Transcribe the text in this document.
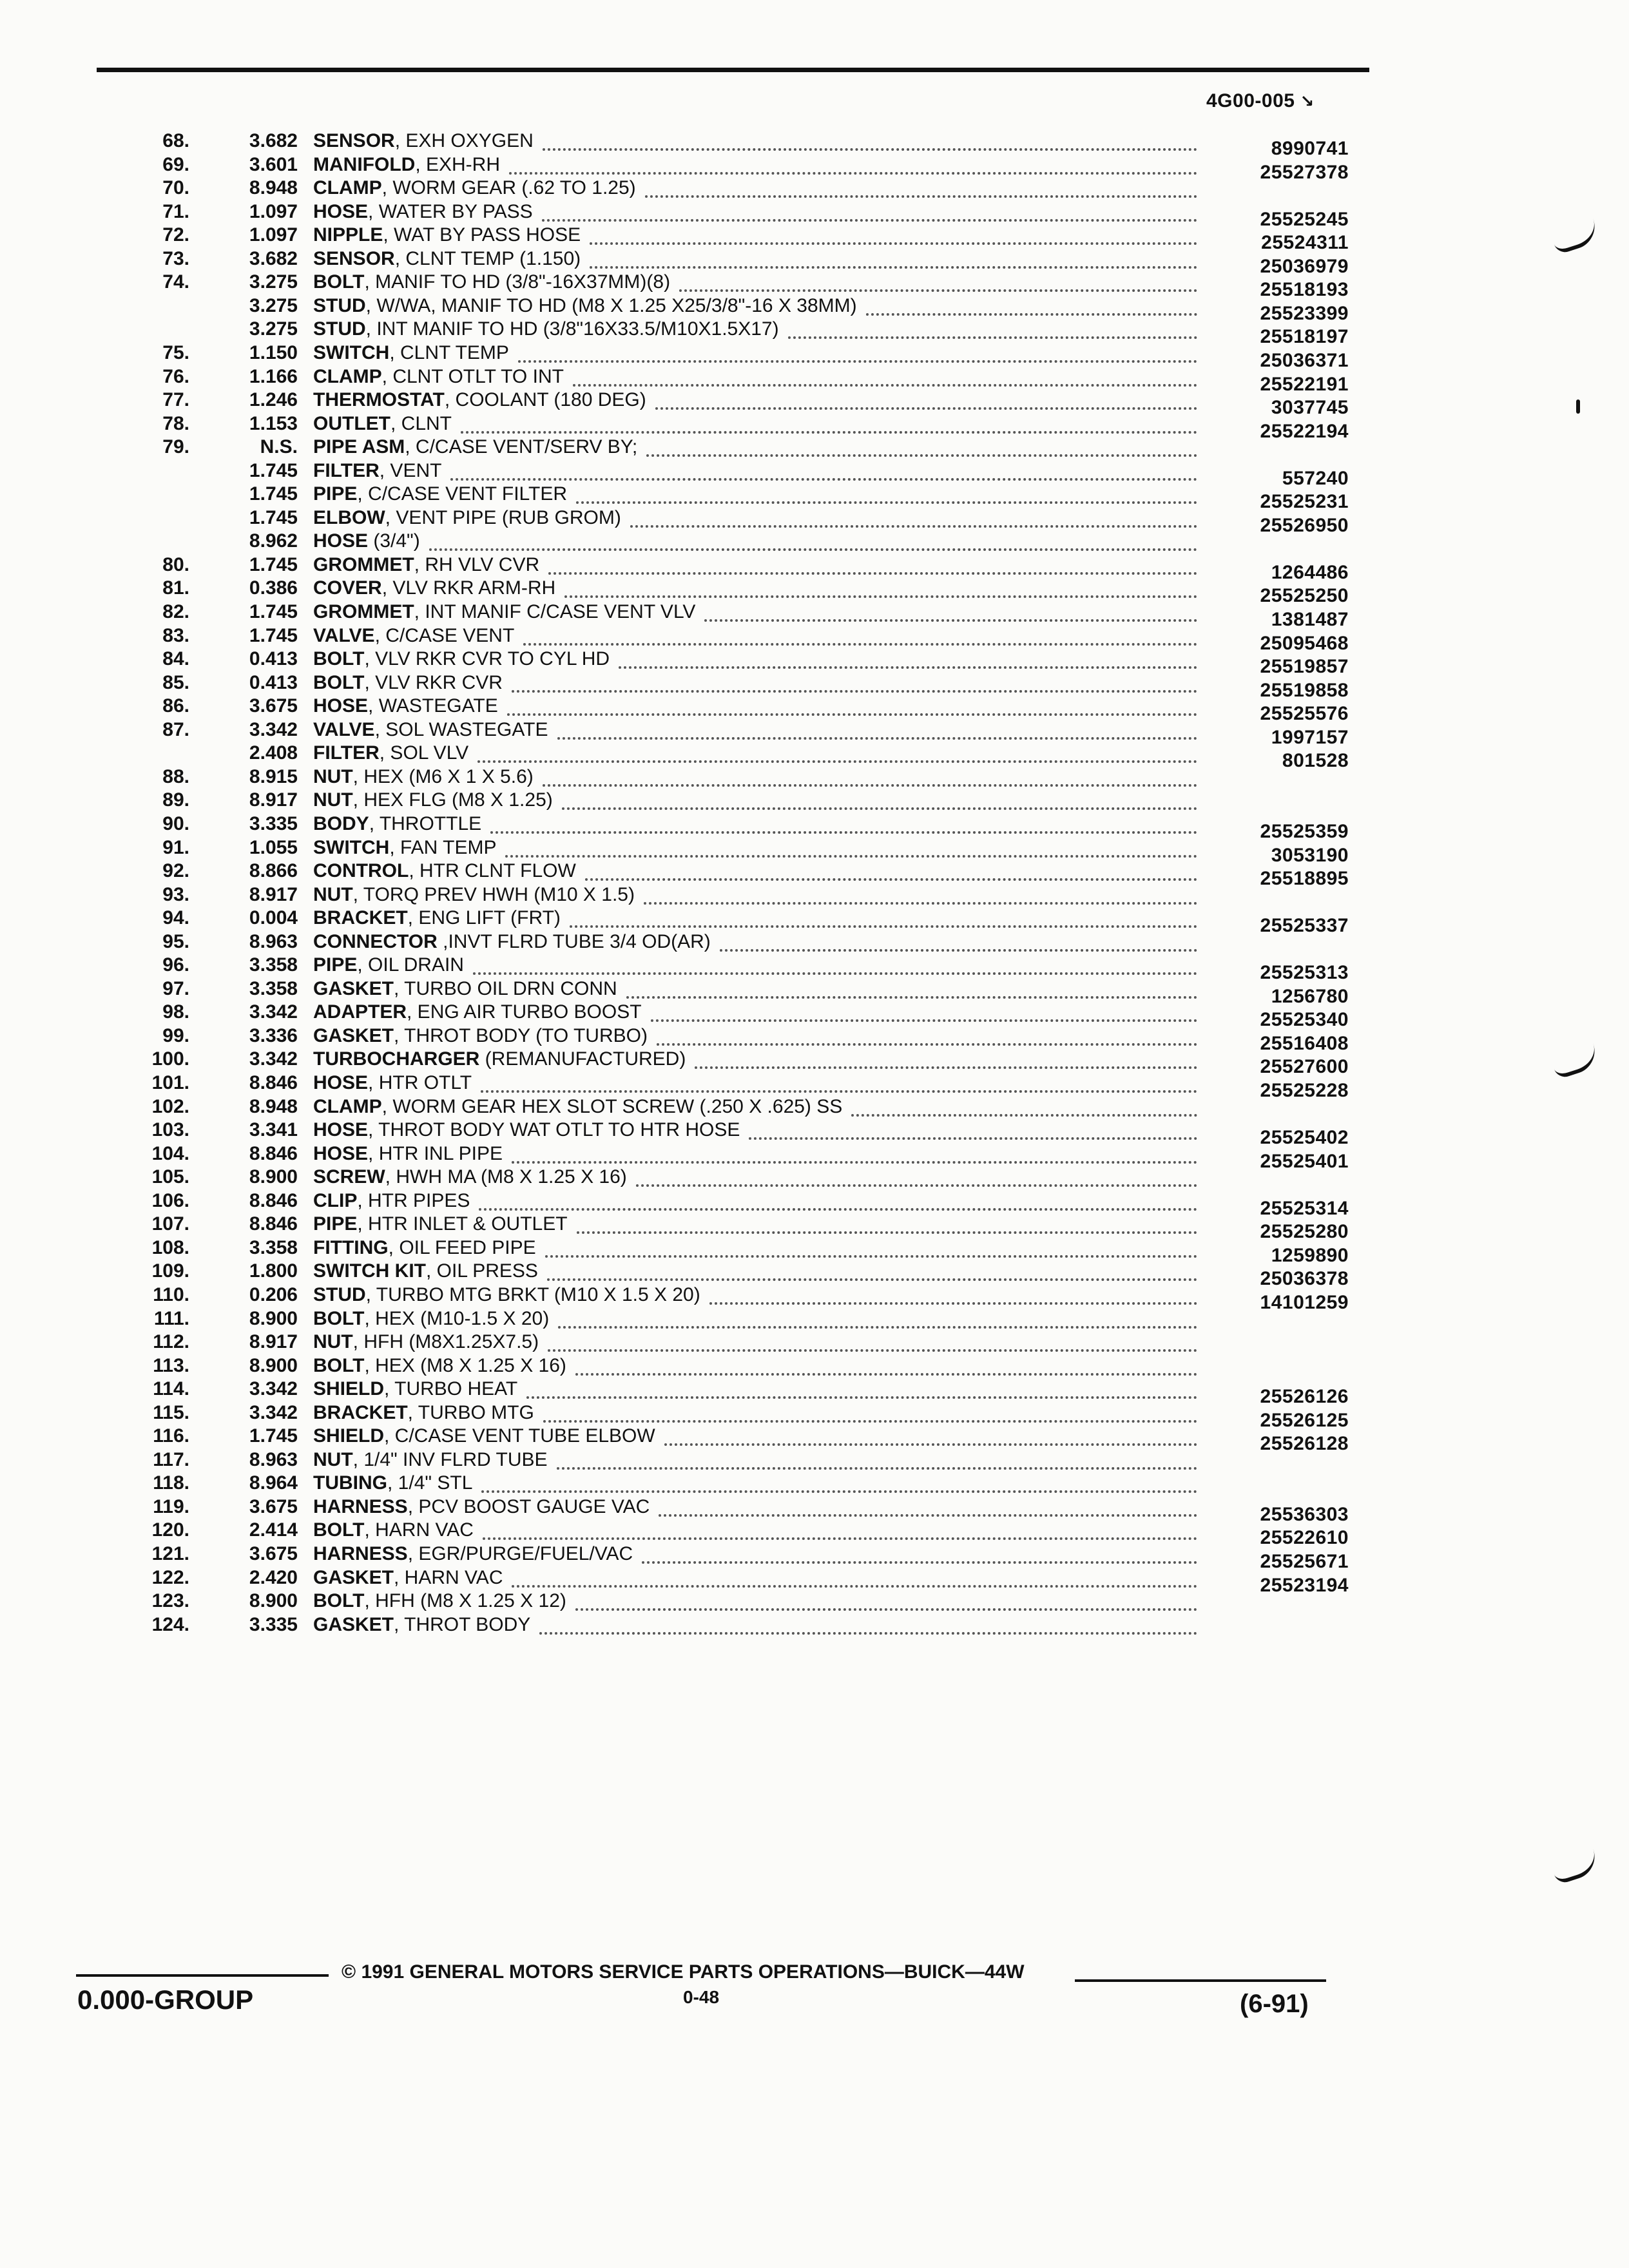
4G00-005 ↘
68.	3.682 SENSOR, EXH OXYGEN	8990741
69.	3.601 MANIFOLD, EXH-RH	25527378
70.	8.948 CLAMP, WORM GEAR (.62 TO 1.25)
71.	1.097 HOSE, WATER BY PASS	25525245
72.	1.097 NIPPLE, WAT BY PASS HOSE	25524311
73.	3.682 SENSOR, CLNT TEMP (1.150)	25036979
74.	3.275 BOLT, MANIF TO HD (3/8"-16X37MM)(8)	25518193
3.275 STUD, W/WA, MANIF TO HD (M8 X 1.25 X25/3/8"-16 X 38MM)	25523399
3.275 STUD, INT MANIF TO HD (3/8"16X33.5/M10X1.5X17)	25518197
75.	1.150 SWITCH, CLNT TEMP	25036371
76.	1.166 CLAMP, CLNT OTLT TO INT	25522191
77.	1.246 THERMOSTAT, COOLANT (180 DEG)	3037745
78.	1.153 OUTLET, CLNT	25522194
79.	N.S. PIPE ASM, C/CASE VENT/SERV BY;
1.745 FILTER, VENT	557240
1.745 PIPE, C/CASE VENT FILTER	25525231
1.745 ELBOW, VENT PIPE (RUB GROM)	25526950
8.962 HOSE (3/4")
80.	1.745 GROMMET, RH VLV CVR	1264486
81.	0.386 COVER, VLV RKR ARM-RH	25525250
82.	1.745 GROMMET, INT MANIF C/CASE VENT VLV	1381487
83.	1.745 VALVE, C/CASE VENT	25095468
84.	0.413 BOLT, VLV RKR CVR TO CYL HD	25519857
85.	0.413 BOLT, VLV RKR CVR	25519858
86.	3.675 HOSE, WASTEGATE	25525576
87.	3.342 VALVE, SOL WASTEGATE	1997157
2.408 FILTER, SOL VLV	801528
88.	8.915 NUT, HEX (M6 X 1 X 5.6)
89.	8.917 NUT, HEX FLG (M8 X 1.25)
90.	3.335 BODY, THROTTLE	25525359
91.	1.055 SWITCH, FAN TEMP	3053190
92.	8.866 CONTROL, HTR CLNT FLOW	25518895
93.	8.917 NUT, TORQ PREV HWH (M10 X 1.5)
94.	0.004 BRACKET, ENG LIFT (FRT)	25525337
95.	8.963 CONNECTOR ,INVT FLRD TUBE 3/4 OD(AR)
96.	3.358 PIPE, OIL DRAIN	25525313
97.	3.358 GASKET, TURBO OIL DRN CONN	1256780
98.	3.342 ADAPTER, ENG AIR TURBO BOOST	25525340
99.	3.336 GASKET, THROT BODY (TO TURBO)	25516408
100.	3.342 TURBOCHARGER (REMANUFACTURED)	25527600
101.	8.846 HOSE, HTR OTLT	25525228
102.	8.948 CLAMP, WORM GEAR HEX SLOT SCREW (.250 X .625) SS
103.	3.341 HOSE, THROT BODY WAT OTLT TO HTR HOSE	25525402
104.	8.846 HOSE, HTR INL PIPE	25525401
105.	8.900 SCREW, HWH MA (M8 X 1.25 X 16)
106.	8.846 CLIP, HTR PIPES	25525314
107.	8.846 PIPE, HTR INLET & OUTLET	25525280
108.	3.358 FITTING, OIL FEED PIPE	1259890
109.	1.800 SWITCH KIT, OIL PRESS	25036378
110.	0.206 STUD, TURBO MTG BRKT (M10 X 1.5 X 20)	14101259
111.	8.900 BOLT, HEX (M10-1.5 X 20)
112.	8.917 NUT, HFH (M8X1.25X7.5)
113.	8.900 BOLT, HEX (M8 X 1.25 X 16)
114.	3.342 SHIELD, TURBO HEAT	25526126
115.	3.342 BRACKET, TURBO MTG	25526125
116.	1.745 SHIELD, C/CASE VENT TUBE ELBOW	25526128
117.	8.963 NUT, 1/4" INV FLRD TUBE
118.	8.964 TUBING, 1/4" STL
119.	3.675 HARNESS, PCV BOOST GAUGE VAC	25536303
120.	2.414 BOLT, HARN VAC	25522610
121.	3.675 HARNESS, EGR/PURGE/FUEL/VAC	25525671
122.	2.420 GASKET, HARN VAC	25523194
123.	8.900 BOLT, HFH (M8 X 1.25 X 12)
124.	3.335 GASKET, THROT BODY
© 1991 GENERAL MOTORS SERVICE PARTS OPERATIONS—BUICK—44W
0-48
0.000-GROUP	(6-91)
